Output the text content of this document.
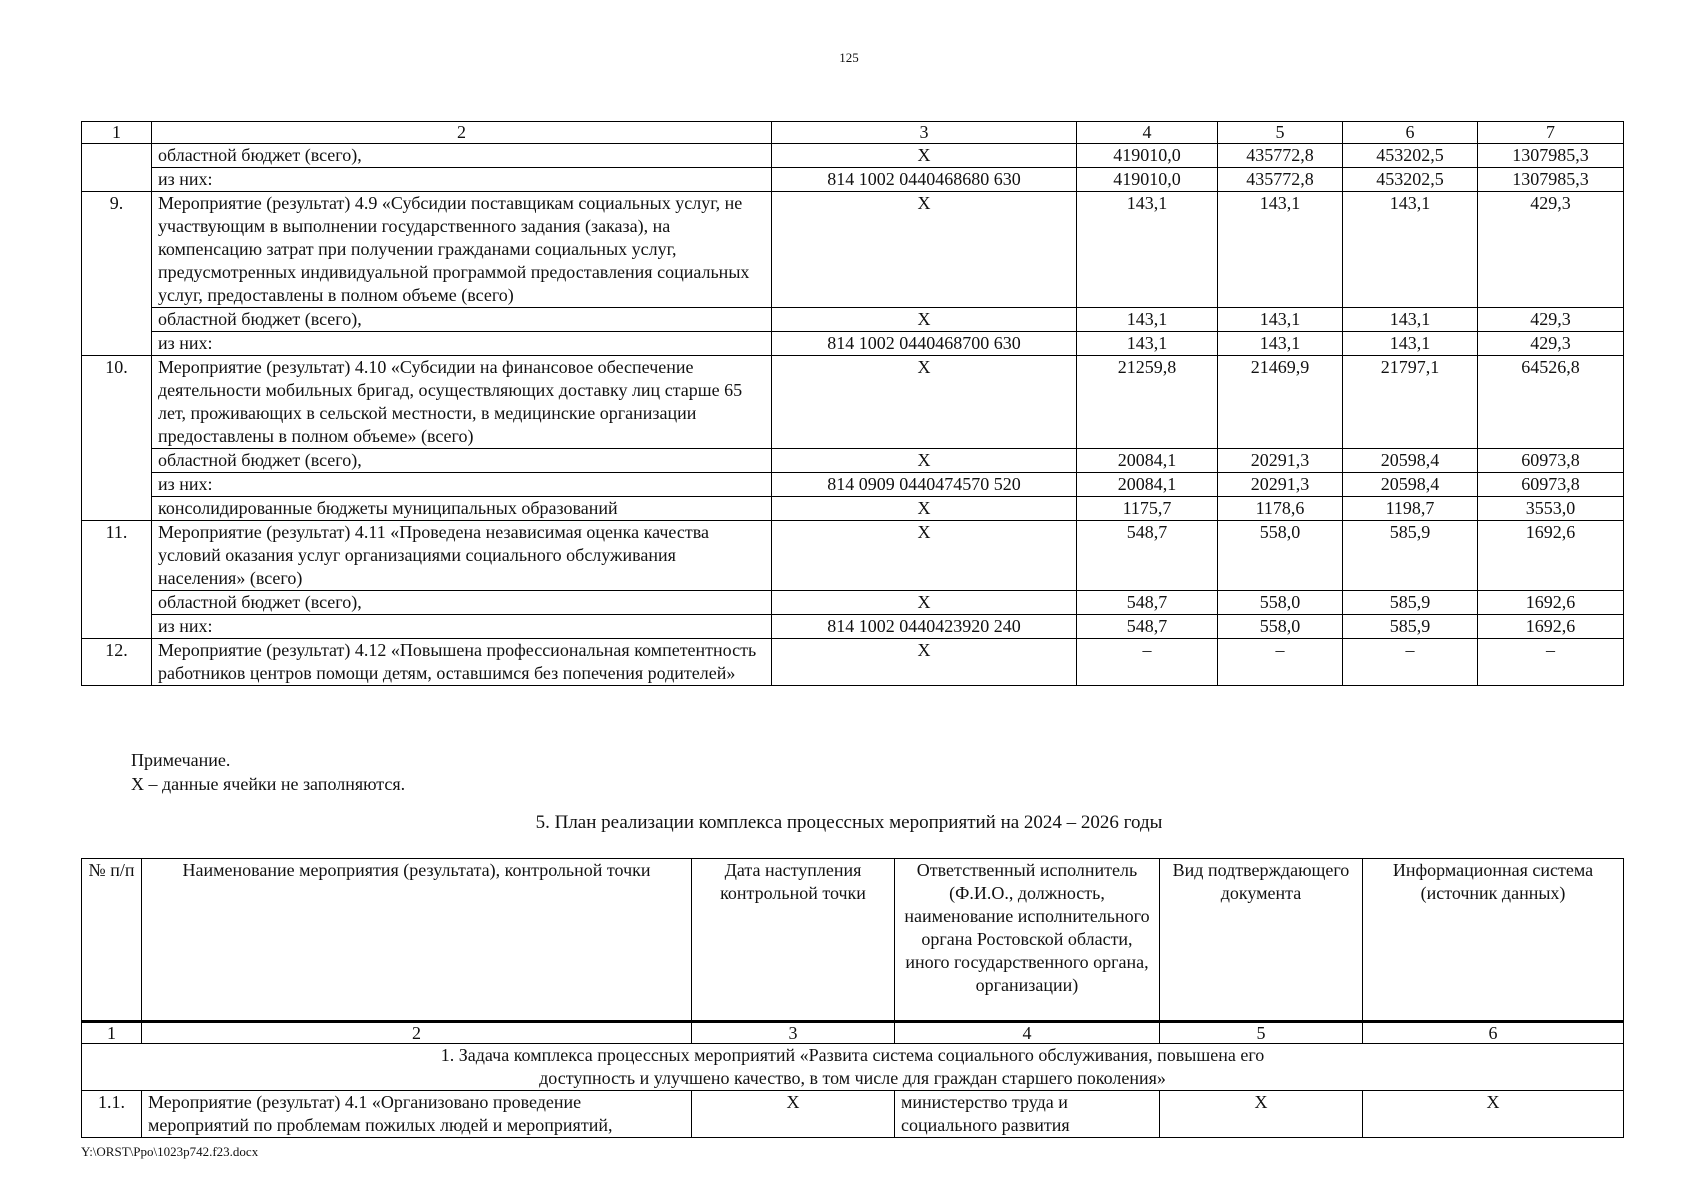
125
1	2	3	4	5	6	7
	областной бюджет (всего),	X	419010,0	435772,8	453202,5	1307985,3
	из них:	814 1002 0440468680 630	419010,0	435772,8	453202,5	1307985,3
9.	Мероприятие (результат) 4.9 «Субсидии поставщикам социальных услуг, не участвующим в выполнении государственного задания (заказа), на компенсацию затрат при получении гражданами социальных услуг, предусмотренных индивидуальной программой предоставления социальных услуг, предоставлены в полном объеме (всего)	X	143,1	143,1	143,1	429,3
	областной бюджет (всего),	X	143,1	143,1	143,1	429,3
	из них:	814 1002 0440468700 630	143,1	143,1	143,1	429,3
10.	Мероприятие (результат) 4.10 «Субсидии на финансовое обеспечение деятельности мобильных бригад, осуществляющих доставку лиц старше 65 лет, проживающих в сельской местности, в медицинские организации предоставлены в полном объеме» (всего)	X	21259,8	21469,9	21797,1	64526,8
	областной бюджет (всего),	X	20084,1	20291,3	20598,4	60973,8
	из них:	814 0909 0440474570 520	20084,1	20291,3	20598,4	60973,8
	консолидированные бюджеты муниципальных образований	X	1175,7	1178,6	1198,7	3553,0
11.	Мероприятие (результат) 4.11 «Проведена независимая оценка качества условий оказания услуг организациями социального обслуживания населения» (всего)	X	548,7	558,0	585,9	1692,6
	областной бюджет (всего),	X	548,7	558,0	585,9	1692,6
	из них:	814 1002 0440423920 240	548,7	558,0	585,9	1692,6
12.	Мероприятие (результат) 4.12 «Повышена профессиональная компетентность работников центров помощи детям, оставшимся без попечения родителей»	X	–	–	–	–
Примечание.
X – данные ячейки не заполняются.
5. План реализации комплекса процессных мероприятий на 2024 – 2026 годы
№ п/п	Наименование мероприятия (результата), контрольной точки	Дата наступления контрольной точки	Ответственный исполнитель (Ф.И.О., должность, наименование исполнительного органа Ростовской области, иного государственного органа, организации)	Вид подтверждающего документа	Информационная система (источник данных)
1	2	3	4	5	6
1. Задача комплекса процессных мероприятий «Развита система социального обслуживания, повышена его доступность и улучшено качество, в том числе для граждан старшего поколения»					
1.1.	Мероприятие (результат) 4.1 «Организовано проведение мероприятий по проблемам пожилых людей и мероприятий,	X	министерство труда и социального развития	X	X
Y:\ORST\Ppo\1023p742.f23.docx
